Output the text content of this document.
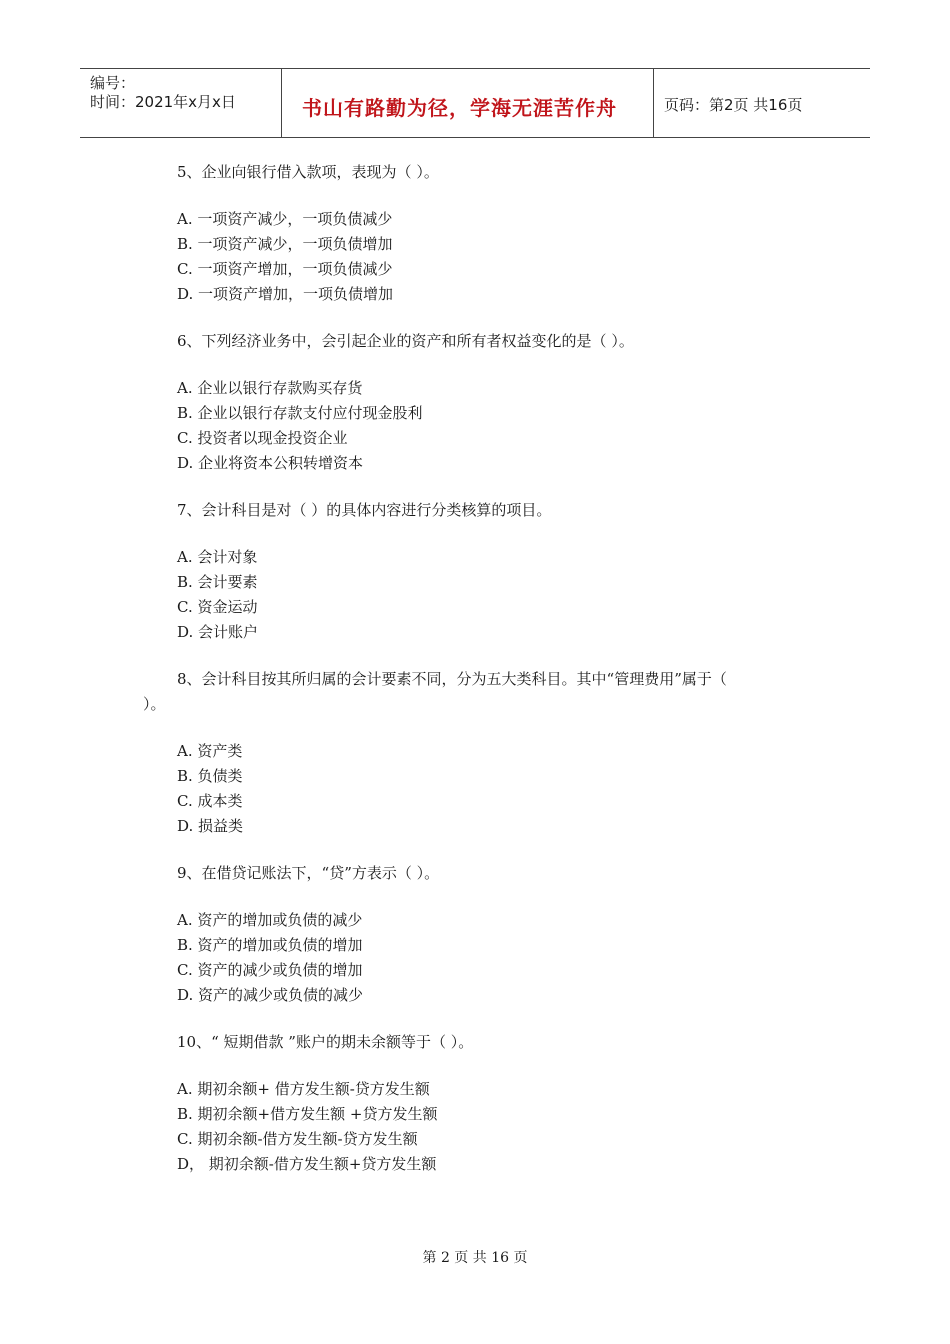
编号：
时间：2021年x月x日	书山有路勤为径，学海无涯苦作舟	页码：第2页 共16页
5、企业向银行借入款项，表现为（ ）。
A. 一项资产减少，一项负债减少
B. 一项资产减少，一项负债增加
C. 一项资产增加，一项负债减少
D. 一项资产增加，一项负债增加
6、下列经济业务中，会引起企业的资产和所有者权益变化的是（ ）。
A. 企业以银行存款购买存货
B. 企业以银行存款支付应付现金股利
C. 投资者以现金投资企业
D. 企业将资本公积转增资本
7、会计科目是对（ ）的具体内容进行分类核算的项目。
A. 会计对象
B. 会计要素
C. 资金运动
D. 会计账户
8、会计科目按其所归属的会计要素不同，分为五大类科目。其中“管理费用”属于（
）。
A. 资产类
B. 负债类
C. 成本类
D. 损益类
9、在借贷记账法下，“贷”方表示（ ）。
A. 资产的增加或负债的减少
B. 资产的增加或负债的增加
C. 资产的减少或负债的增加
D. 资产的减少或负债的减少
10、“ 短期借款 ”账户的期未余额等于（ ）。
A. 期初余额+ 借方发生额-贷方发生额
B. 期初余额+借方发生额 +贷方发生额
C. 期初余额-借方发生额-贷方发生额
D， 期初余额-借方发生额+贷方发生额
第 2 页 共 16 页
